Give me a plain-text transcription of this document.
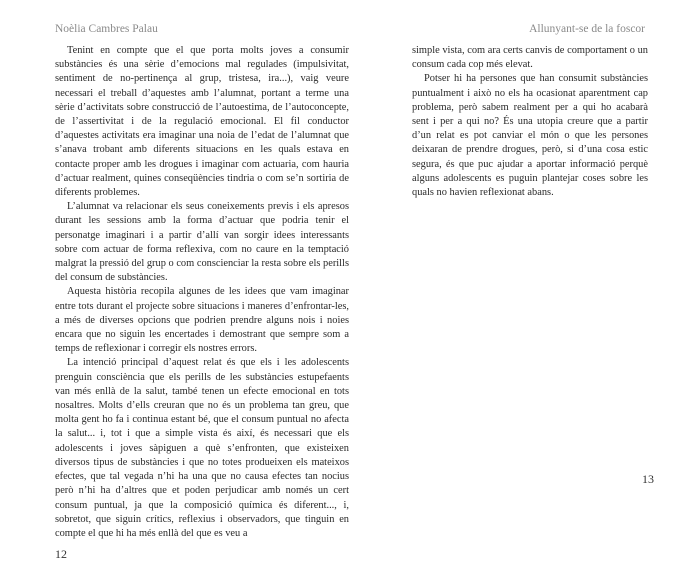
Noèlia Cambres Palau

Tenint en compte que el que porta molts joves a consumir substàncies és una sèrie d’emocions mal regulades (impulsivitat, sentiment de no-pertinença al grup, tristesa, ira...), vaig veure necessari el treball d’aquestes amb l’alumnat, portant a terme una sèrie d’activitats sobre construcció de l’autoestima, de l’autoconcepte, de l’assertivitat i de la regulació emocional. El fil conductor d’aquestes activitats era imaginar una noia de l’edat de l’alumnat que s’anava trobant amb diferents situacions en les quals estava en contacte proper amb les drogues i imaginar com actuaria, com hauria d’actuar realment, quines conseqüències tindria o com se’n sortiria de diferents problemes.

L’alumnat va relacionar els seus coneixements previs i els apresos durant les sessions amb la forma d’actuar que podria tenir el personatge imaginari i a partir d’allí van sorgir idees interessants sobre com actuar de forma reflexiva, com no caure en la temptació malgrat la pressió del grup o com conscienciar la resta sobre els perills del consum de substàncies.

Aquesta història recopila algunes de les idees que vam imaginar entre tots durant el projecte sobre situacions i maneres d’enfrontar-les, a més de diverses opcions que podrien prendre alguns nois i noies encara que no siguin les encertades i demostrant que sempre som a temps de reflexionar i corregir els nostres errors.

La intenció principal d’aquest relat és que els i les adolescents prenguin consciència que els perills de les substàncies estupefaents van més enllà de la salut, també tenen un efecte emocional en tots nosaltres. Molts d’ells creuran que no és un problema tan greu, que molta gent ho fa i continua estant bé, que el consum puntual no afecta la salut... i, tot i que a simple vista és així, és necessari que els adolescents i joves sàpiguen a què s’enfronten, que existeixen diversos tipus de substàncies i que no totes produeixen els mateixos efectes, que tal vegada n’hi ha una que no causa efectes tan nocius però n’hi ha d’altres que et poden perjudicar amb només un cert consum puntual, ja que la composició química és diferent..., i, sobretot, que siguin crítics, reflexius i observadors, que tinguin en compte el que hi ha més enllà del que es veu a

12
Allunyant-se de la foscor

simple vista, com ara certs canvis de comportament o un consum cada cop més elevat.

Potser hi ha persones que han consumit substàncies puntualment i això no els ha ocasionat aparentment cap problema, però sabem realment per a qui ho acabarà sent i per a qui no? És una utopia creure que a partir d’un relat es pot canviar el món o que les persones deixaran de prendre drogues, però, si d’una cosa estic segura, és que puc ajudar a aportar informació perquè alguns adolescents es puguin plantejar coses sobre les quals no havien reflexionat abans.

13
